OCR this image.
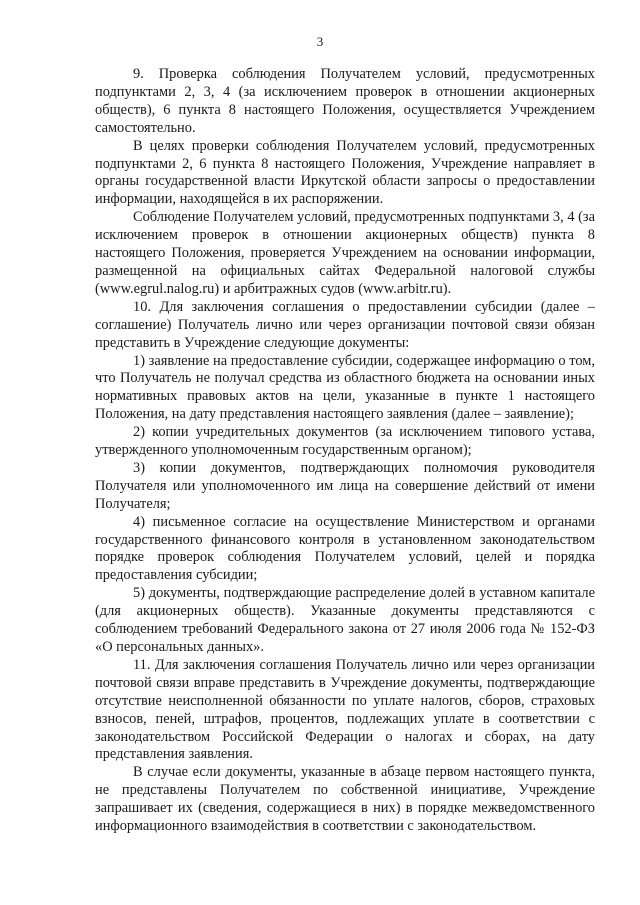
3

9. Проверка соблюдения Получателем условий, предусмотренных подпунктами 2, 3, 4 (за исключением проверок в отношении акционерных обществ), 6 пункта 8 настоящего Положения, осуществляется Учреждением самостоятельно.

В целях проверки соблюдения Получателем условий, предусмотренных подпунктами 2, 6 пункта 8 настоящего Положения, Учреждение направляет в органы государственной власти Иркутской области запросы о предоставлении информации, находящейся в их распоряжении.

Соблюдение Получателем условий, предусмотренных подпунктами 3, 4 (за исключением проверок в отношении акционерных обществ) пункта 8 настоящего Положения, проверяется Учреждением на основании информации, размещенной на официальных сайтах Федеральной налоговой службы (www.egrul.nalog.ru) и арбитражных судов (www.arbitr.ru).

10. Для заключения соглашения о предоставлении субсидии (далее – соглашение) Получатель лично или через организации почтовой связи обязан представить в Учреждение следующие документы:

1) заявление на предоставление субсидии, содержащее информацию о том, что Получатель не получал средства из областного бюджета на основании иных нормативных правовых актов на цели, указанные в пункте 1 настоящего Положения, на дату представления настоящего заявления (далее – заявление);

2) копии учредительных документов (за исключением типового устава, утвержденного уполномоченным государственным органом);

3) копии документов, подтверждающих полномочия руководителя Получателя или уполномоченного им лица на совершение действий от имени Получателя;

4) письменное согласие на осуществление Министерством и органами государственного финансового контроля в установленном законодательством порядке проверок соблюдения Получателем условий, целей и порядка предоставления субсидии;

5) документы, подтверждающие распределение долей в уставном капитале (для акционерных обществ). Указанные документы представляются с соблюдением требований Федерального закона от 27 июля 2006 года № 152-ФЗ «О персональных данных».

11. Для заключения соглашения Получатель лично или через организации почтовой связи вправе представить в Учреждение документы, подтверждающие отсутствие неисполненной обязанности по уплате налогов, сборов, страховых взносов, пеней, штрафов, процентов, подлежащих уплате в соответствии с законодательством Российской Федерации о налогах и сборах, на дату представления заявления.

В случае если документы, указанные в абзаце первом настоящего пункта, не представлены Получателем по собственной инициативе, Учреждение запрашивает их (сведения, содержащиеся в них) в порядке межведомственного информационного взаимодействия в соответствии с законодательством.
